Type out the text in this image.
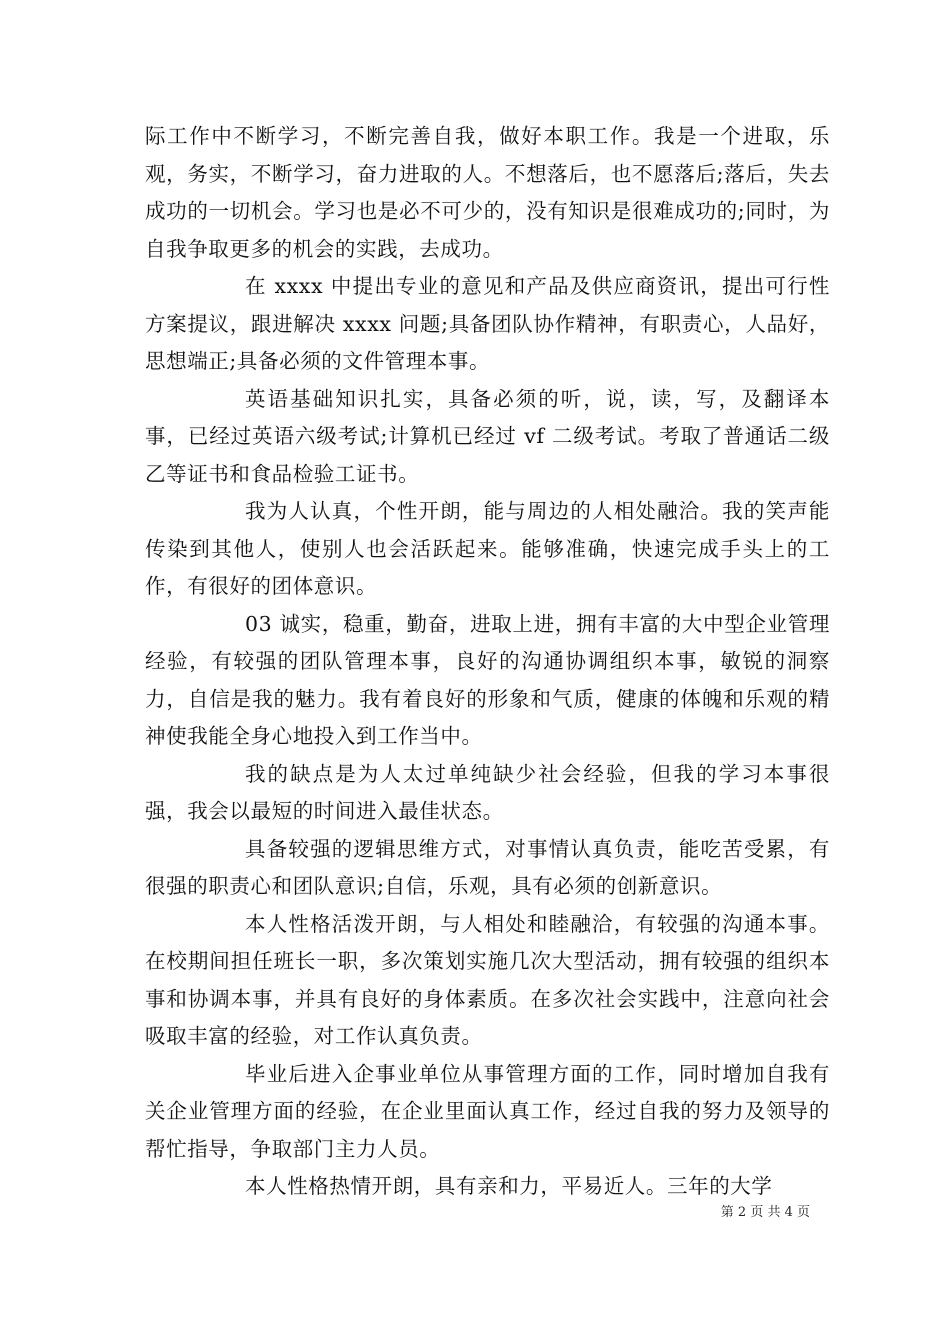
际工作中不断学习，不断完善自我，做好本职工作。我是一个进取，乐观，务实，不断学习，奋力进取的人。不想落后，也不愿落后;落后，失去成功的一切机会。学习也是必不可少的，没有知识是很难成功的;同时，为自我争取更多的机会的实践，去成功。

在 xxxx 中提出专业的意见和产品及供应商资讯，提出可行性方案提议，跟进解决 xxxx 问题;具备团队协作精神，有职责心，人品好，思想端正;具备必须的文件管理本事。

英语基础知识扎实，具备必须的听，说，读，写，及翻译本事，已经过英语六级考试;计算机已经过 vf 二级考试。考取了普通话二级乙等证书和食品检验工证书。

我为人认真，个性开朗，能与周边的人相处融洽。我的笑声能传染到其他人，使别人也会活跃起来。能够准确，快速完成手头上的工作，有很好的团体意识。

03 诚实，稳重，勤奋，进取上进，拥有丰富的大中型企业管理经验，有较强的团队管理本事，良好的沟通协调组织本事，敏锐的洞察力，自信是我的魅力。我有着良好的形象和气质，健康的体魄和乐观的精神使我能全身心地投入到工作当中。

我的缺点是为人太过单纯缺少社会经验，但我的学习本事很强，我会以最短的时间进入最佳状态。

具备较强的逻辑思维方式，对事情认真负责，能吃苦受累，有很强的职责心和团队意识;自信，乐观，具有必须的创新意识。

本人性格活泼开朗，与人相处和睦融洽，有较强的沟通本事。在校期间担任班长一职，多次策划实施几次大型活动，拥有较强的组织本事和协调本事，并具有良好的身体素质。在多次社会实践中，注意向社会吸取丰富的经验，对工作认真负责。

毕业后进入企事业单位从事管理方面的工作，同时增加自我有关企业管理方面的经验，在企业里面认真工作，经过自我的努力及领导的帮忙指导，争取部门主力人员。

本人性格热情开朗，具有亲和力，平易近人。三年的大学

第 2 页 共 4 页
